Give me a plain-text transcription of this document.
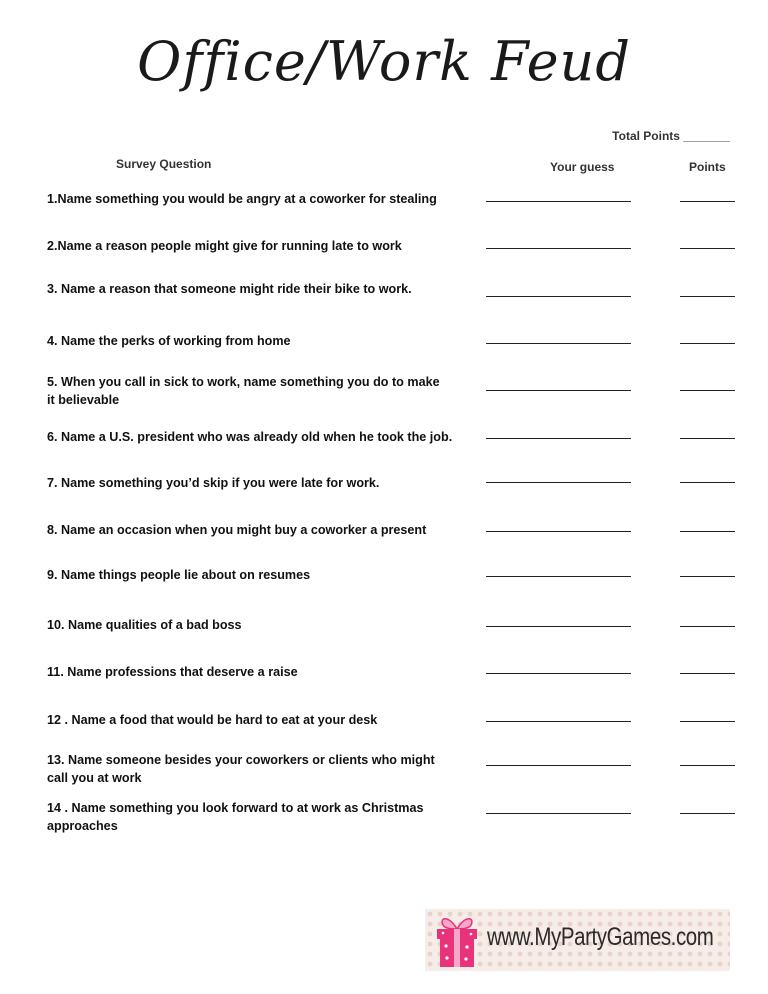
Office/Work Feud
Total Points _______
Survey Question	Your guess	Points
1.Name something you would be angry at a coworker for stealing
2.Name a reason people might give for running late to work
3. Name a reason that someone might ride their bike to work.
4. Name the perks of working from home
5. When you call in sick to work, name something you do to make
it believable
6. Name a U.S. president who was already old when he took the job.
7. Name something you’d skip if you were late for work.
8. Name an occasion when you might buy a coworker a present
9. Name things people lie about on resumes
10. Name qualities of a bad boss
11. Name professions that deserve a raise
12 . Name a food that would be hard to eat at your desk
13. Name someone besides your coworkers or clients who might
call you at work
14 . Name something you look forward to at work as Christmas
approaches
www.MyPartyGames.com
